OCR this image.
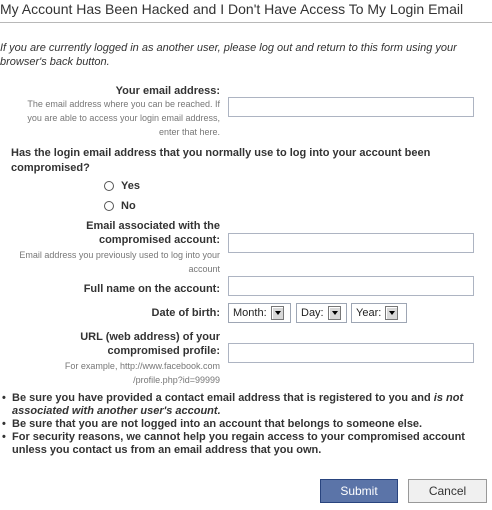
My Account Has Been Hacked and I Don't Have Access To My Login Email
If you are currently logged in as another user, please log out and return to this form using your browser's back button.
Your email address:
The email address where you can be reached. If you are able to access your login email address, enter that here.
Has the login email address that you normally use to log into your account been compromised?
Yes
No
Email associated with the compromised account:
Email address you previously used to log into your account
Full name on the account:
Date of birth: Month:	Day:	Year:
URL (web address) of your compromised profile:
For example, http://www.facebook.com /profile.php?id=99999
• Be sure you have provided a contact email address that is registered to you and is not associated with another user's account.
• Be sure that you are not logged into an account that belongs to someone else.
• For security reasons, we cannot help you regain access to your compromised account unless you contact us from an email address that you own.
Submit	Cancel
